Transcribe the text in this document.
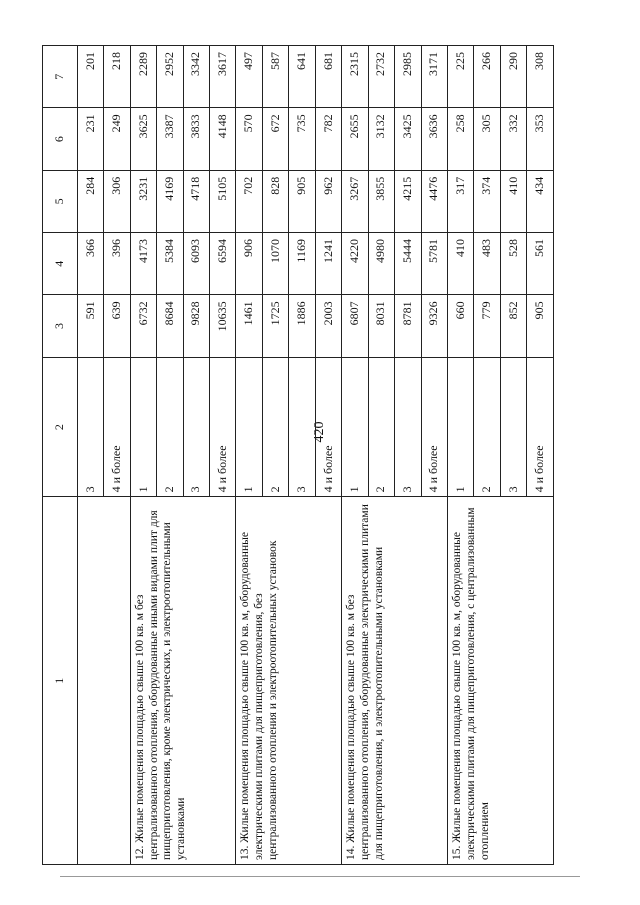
420
1	2	3	4	5	6	7
	3	591	366	284	231	201
	4 и более	639	396	306	249	218
12. Жилые помещения площадью свыше 100 кв. м без централизованного отопления, оборудованные иными видами плит для пищеприготовления, кроме электрических, и электроотопительными установками	1	6732	4173	3231	3625	2289
	2	8684	5384	4169	3387	2952
	3	9828	6093	4718	3833	3342
	4 и более	10635	6594	5105	4148	3617
13. Жилые помещения площадью свыше 100 кв. м, оборудованные электрическими плитами для пищеприготовления, без централизованного отопления и электроотопительных установок	1	1461	906	702	570	497
	2	1725	1070	828	672	587
	3	1886	1169	905	735	641
	4 и более	2003	1241	962	782	681
14. Жилые помещения площадью свыше 100 кв. м без централизованного отопления, оборудованные электрическими плитами для пищеприготовления, и электроотопительными установками	1	6807	4220	3267	2655	2315
	2	8031	4980	3855	3132	2732
	3	8781	5444	4215	3425	2985
	4 и более	9326	5781	4476	3636	3171
15. Жилые помещения площадью свыше 100 кв. м, оборудованные электрическими плитами для пищеприготовления, с централизованным отоплением	1	660	410	317	258	225
	2	779	483	374	305	266
	3	852	528	410	332	290
	4 и более	905	561	434	353	308
